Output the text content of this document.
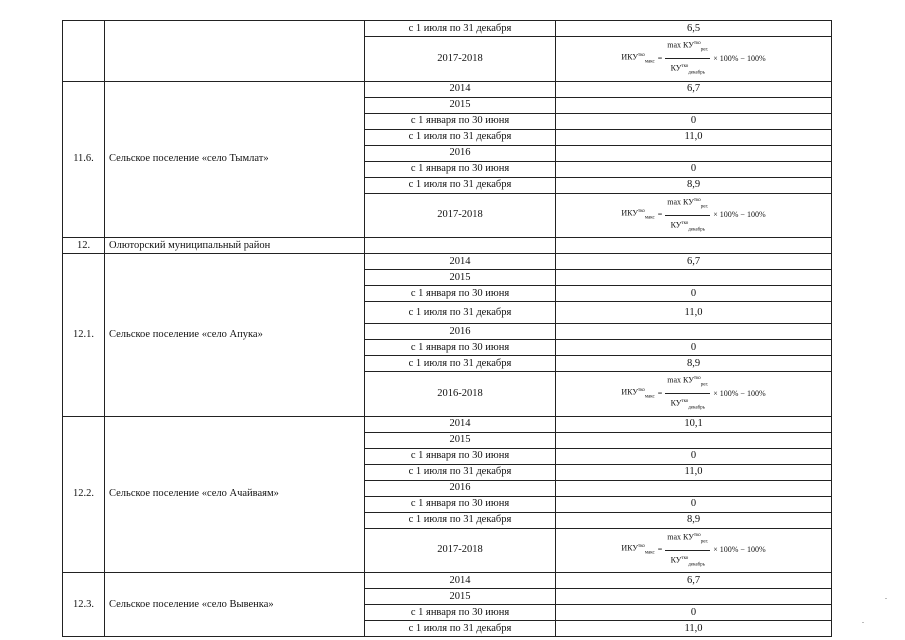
		с 1 июля по 31 декабря	6,5
		2017-2018	$ИКУ^{тко}_{макс} = \frac{\max КУ^{тко}_{рег.}}{КУ^{тко}_{декабрь}} \times 100\% - 100\%$

11.6.	Сельское поселение «село Тымлат»	2014	6,7
		2015	
		с 1 января по 30 июня	0
		с 1 июля по 31 декабря	11,0
		2016	
		с 1 января по 30 июня	0
		с 1 июля по 31 декабря	8,9
		2017-2018	$ИКУ^{тко}_{макс} = \frac{\max КУ^{тко}_{рег.}}{КУ^{тко}_{декабрь}} \times 100\% - 100\%$

12.	Олюторский муниципальный район		
12.1.	Сельское поселение «село Апука»	2014	6,7
		2015	
		с 1 января по 30 июня	0
		с 1 июля по 31 декабря	11,0
		2016	
		с 1 января по 30 июня	0
		с 1 июля по 31 декабря	8,9
		2016-2018	$ИКУ^{тко}_{макс} = \frac{\max КУ^{тко}_{рег.}}{КУ^{тко}_{декабрь}} \times 100\% - 100\%$

12.2.	Сельское поселение «село Ачайваям»	2014	10,1
		2015	
		с 1 января по 30 июня	0
		с 1 июля по 31 декабря	11,0
		2016	
		с 1 января по 30 июня	0
		с 1 июля по 31 декабря	8,9
		2017-2018	$ИКУ^{тко}_{макс} = \frac{\max КУ^{тко}_{рег.}}{КУ^{тко}_{декабрь}} \times 100\% - 100\%$

12.3.	Сельское поселение «село Вывенка»	2014	6,7
		2015	
		с 1 января по 30 июня	0
		с 1 июля по 31 декабря	11,0
